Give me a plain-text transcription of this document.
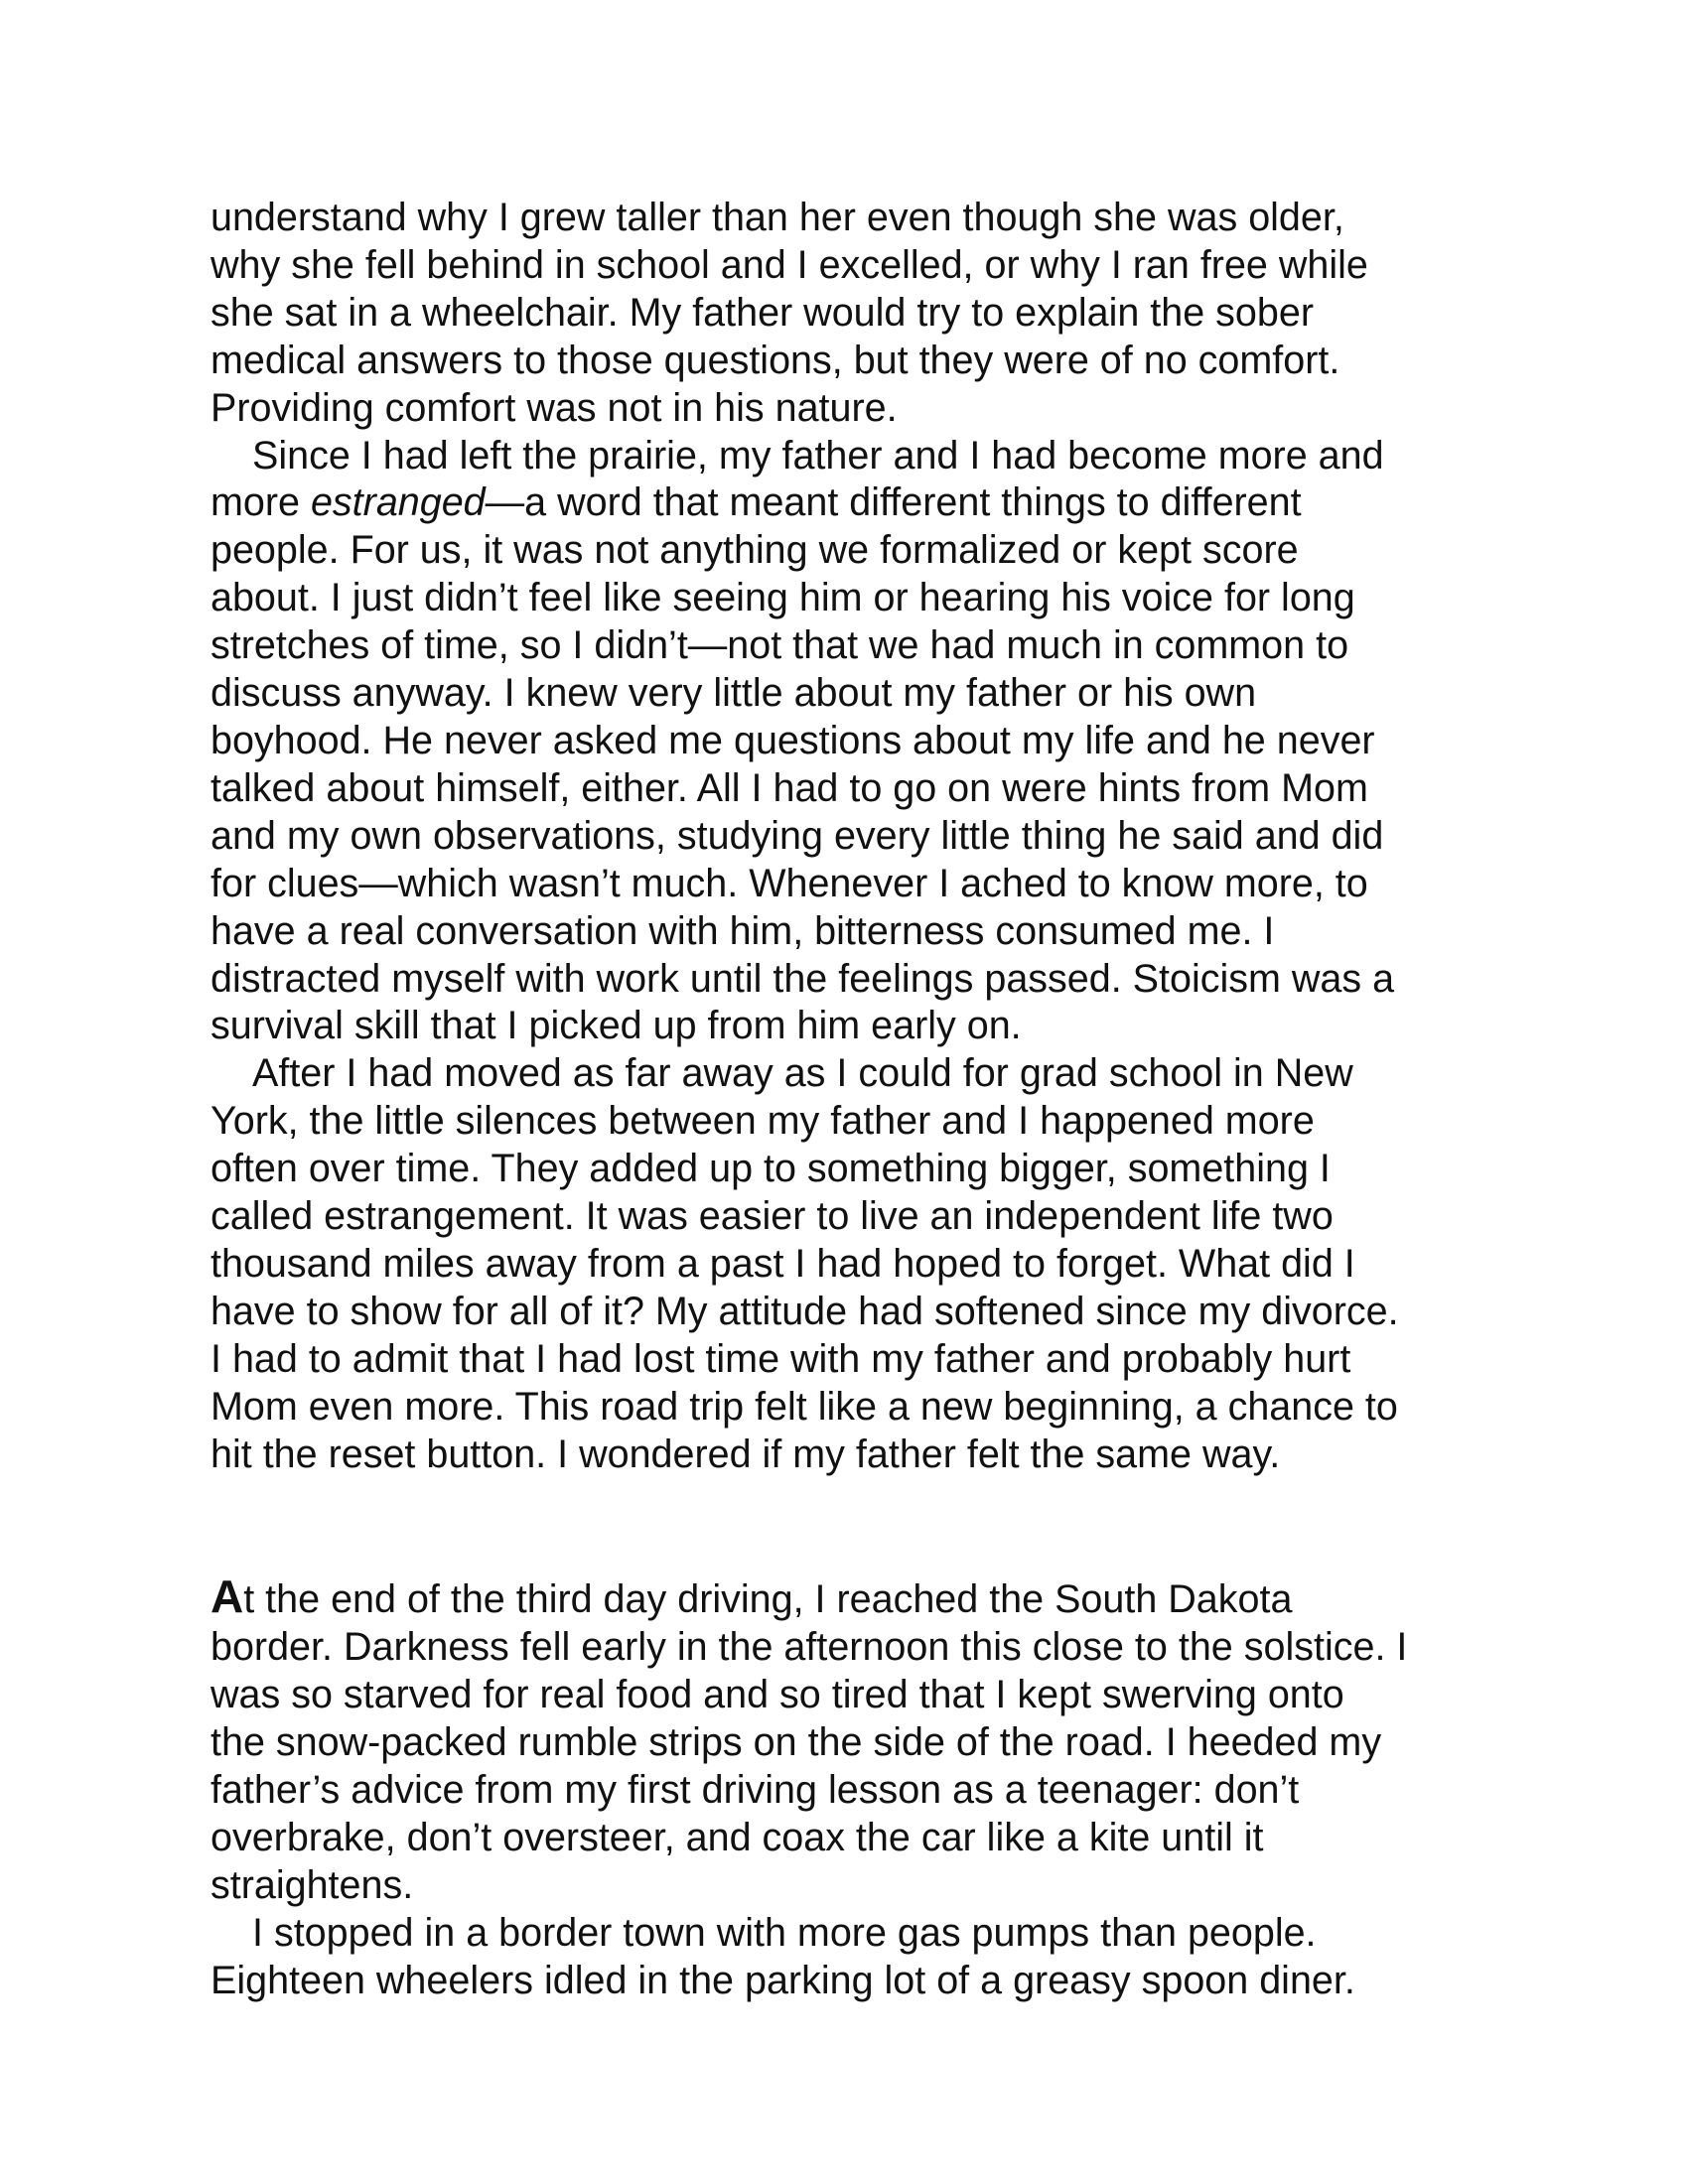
understand why I grew taller than her even though she was older,
why she fell behind in school and I excelled, or why I ran free while
she sat in a wheelchair. My father would try to explain the sober
medical answers to those questions, but they were of no comfort.
Providing comfort was not in his nature.

Since I had left the prairie, my father and I had become more and
more estranged—a word that meant different things to different
people. For us, it was not anything we formalized or kept score
about. I just didn’t feel like seeing him or hearing his voice for long
stretches of time, so I didn’t—not that we had much in common to
discuss anyway. I knew very little about my father or his own
boyhood. He never asked me questions about my life and he never
talked about himself, either. All I had to go on were hints from Mom
and my own observations, studying every little thing he said and did
for clues—which wasn’t much. Whenever I ached to know more, to
have a real conversation with him, bitterness consumed me. I
distracted myself with work until the feelings passed. Stoicism was a
survival skill that I picked up from him early on.

After I had moved as far away as I could for grad school in New
York, the little silences between my father and I happened more
often over time. They added up to something bigger, something I
called estrangement. It was easier to live an independent life two
thousand miles away from a past I had hoped to forget. What did I
have to show for all of it? My attitude had softened since my divorce.
I had to admit that I had lost time with my father and probably hurt
Mom even more. This road trip felt like a new beginning, a chance to
hit the reset button. I wondered if my father felt the same way.

At the end of the third day driving, I reached the South Dakota
border. Darkness fell early in the afternoon this close to the solstice. I
was so starved for real food and so tired that I kept swerving onto
the snow-packed rumble strips on the side of the road. I heeded my
father’s advice from my first driving lesson as a teenager: don’t
overbrake, don’t oversteer, and coax the car like a kite until it
straightens.

I stopped in a border town with more gas pumps than people.
Eighteen wheelers idled in the parking lot of a greasy spoon diner.
